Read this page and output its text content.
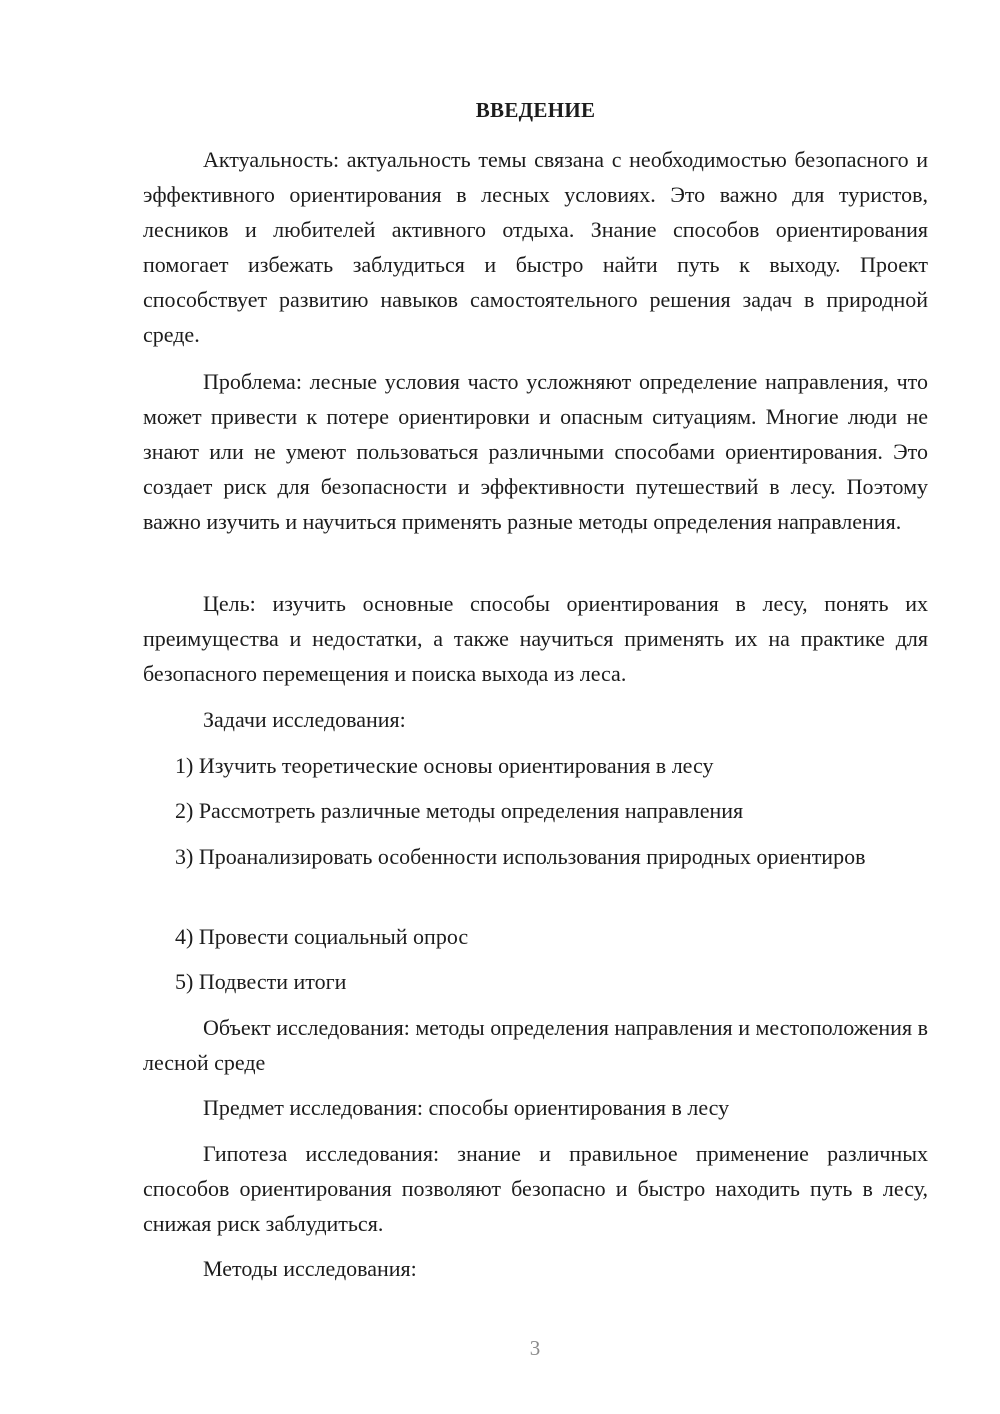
ВВЕДЕНИЕ

Актуальность: актуальность темы связана с необходимостью безопасного и эффективного ориентирования в лесных условиях. Это важно для туристов, лесников и любителей активного отдыха. Знание способов ориентирования помогает избежать заблудиться и быстро найти путь к выходу. Проект способствует развитию навыков самостоятельного решения задач в природной среде.

Проблема: лесные условия часто усложняют определение направления, что может привести к потере ориентировки и опасным ситуациям. Многие люди не знают или не умеют пользоваться различными способами ориентирования. Это создает риск для безопасности и эффективности путешествий в лесу. Поэтому важно изучить и научиться применять разные методы определения направления.

Цель: изучить основные способы ориентирования в лесу, понять их преимущества и недостатки, а также научиться применять их на практике для безопасного перемещения и поиска выхода из леса.

Задачи исследования:

1) Изучить теоретические основы ориентирования в лесу

2) Рассмотреть различные методы определения направления

3) Проанализировать особенности использования природных ориентиров

4) Провести социальный опрос

5) Подвести итоги

Объект исследования: методы определения направления и местоположения в лесной среде

Предмет исследования: способы ориентирования в лесу

Гипотеза исследования: знание и правильное применение различных способов ориентирования позволяют безопасно и быстро находить путь в лесу, снижая риск заблудиться.

Методы исследования:

3
